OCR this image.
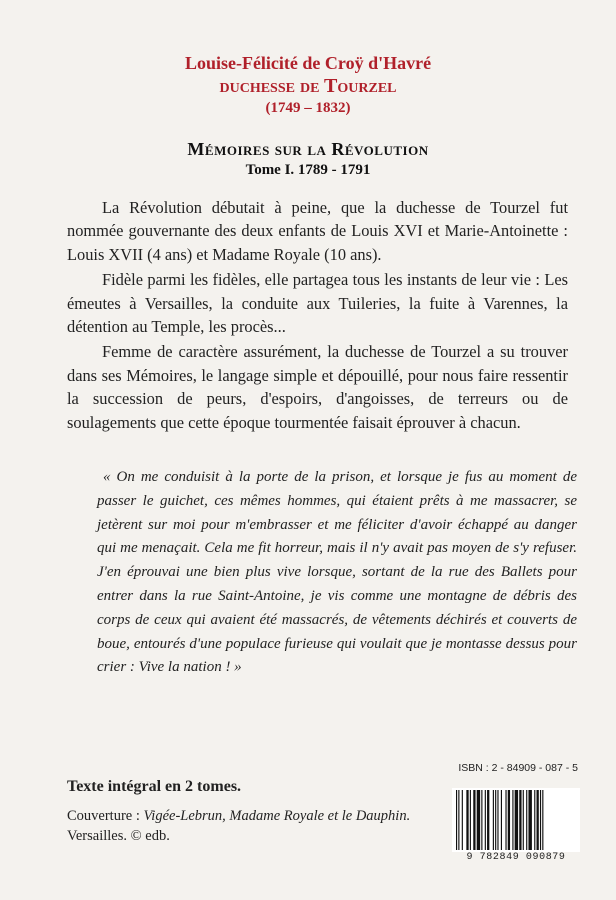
Louise-Félicité de Croÿ d'Havré
duchesse de Tourzel
(1749 – 1832)
Mémoires sur la Révolution
Tome I. 1789 - 1791

La Révolution débutait à peine, que la duchesse de Tourzel fut nommée gouvernante des deux enfants de Louis XVI et Marie-Antoinette : Louis XVII (4 ans) et Madame Royale (10 ans).

Fidèle parmi les fidèles, elle partagea tous les instants de leur vie : Les émeutes à Versailles, la conduite aux Tuileries, la fuite à Varennes, la détention au Temple, les procès...

Femme de caractère assurément, la duchesse de Tourzel a su trouver dans ses Mémoires, le langage simple et dépouillé, pour nous faire ressentir la succession de peurs, d'espoirs, d'angoisses, de terreurs ou de soulagements que cette époque tourmentée faisait éprouver à chacun.

« On me conduisit à la porte de la prison, et lorsque je fus au moment de passer le guichet, ces mêmes hommes, qui étaient prêts à me massacrer, se jetèrent sur moi pour m'embrasser et me féliciter d'avoir échappé au danger qui me menaçait. Cela me fit horreur, mais il n'y avait pas moyen de s'y refuser. J'en éprouvai une bien plus vive lorsque, sortant de la rue des Ballets pour entrer dans la rue Saint-Antoine, je vis comme une montagne de débris des corps de ceux qui avaient été massacrés, de vêtements déchirés et couverts de boue, entourés d'une populace furieuse qui voulait que je montasse dessus pour crier : Vive la nation ! »

ISBN : 2 - 84909 - 087 - 5
Texte intégral en 2 tomes.
Couverture : Vigée-Lebrun, Madame Royale et le Dauphin.
Versailles. © edb.
9 782849 090879
